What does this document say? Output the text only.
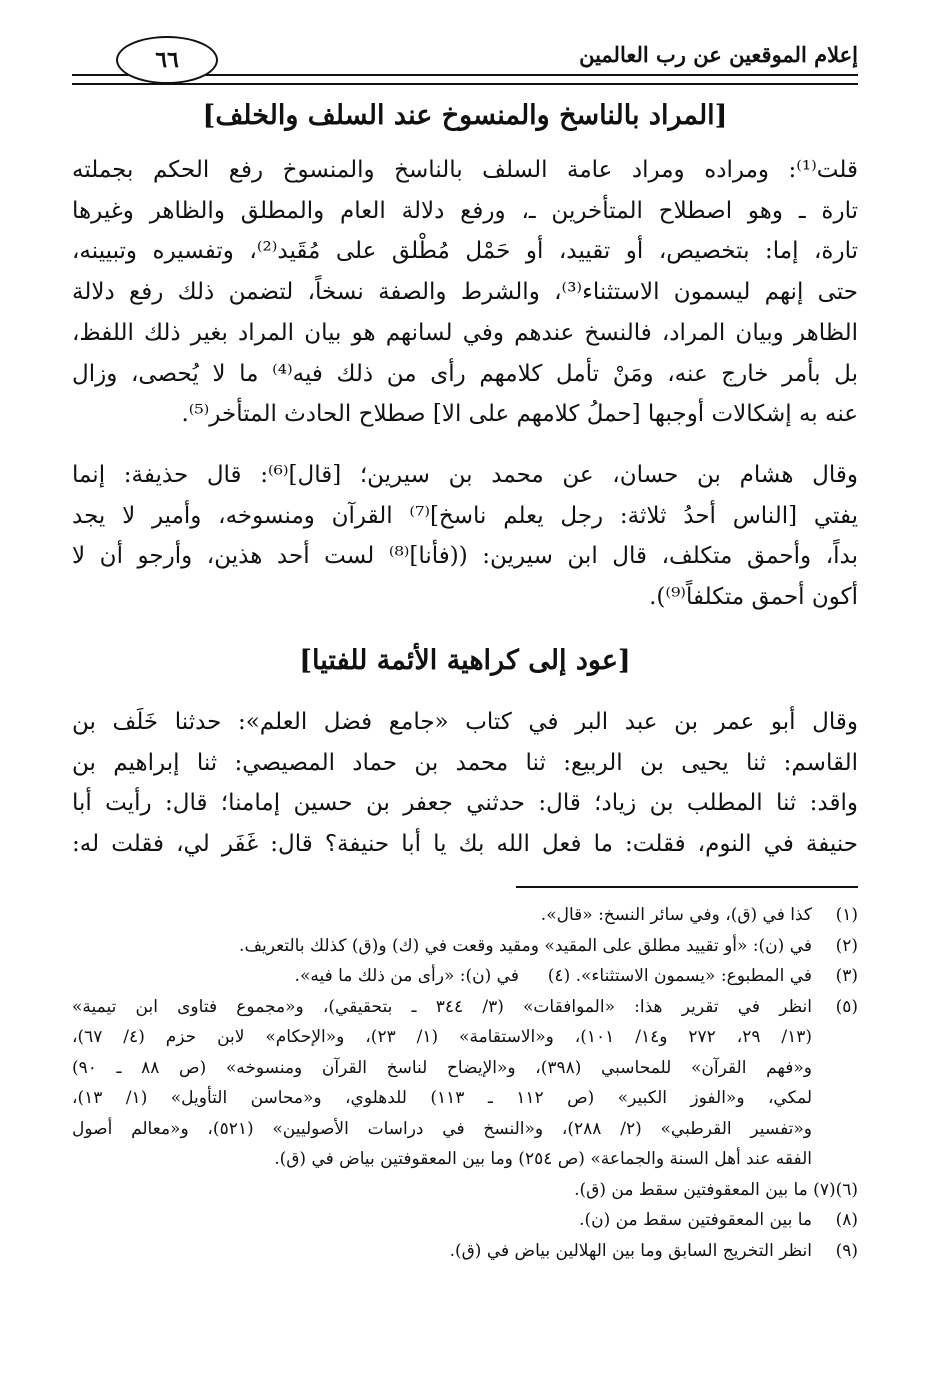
٦٦	إعلام الموقعين عن رب العالمين
[المراد بالناسخ والمنسوخ عند السلف والخلف]
قلت⁽¹⁾: ومراده ومراد عامة السلف بالناسخ والمنسوخ رفع الحكم بجملته
تارة ـ وهو اصطلاح المتأخرين ـ، ورفع دلالة العام والمطلق والظاهر وغيرها
تارة، إما: بتخصيص، أو تقييد، أو حَمْل مُطْلق على مُقَيد⁽²⁾، وتفسيره وتبيينه،
حتى إنهم ليسمون الاستثناء⁽³⁾، والشرط والصفة نسخاً، لتضمن ذلك رفع دلالة
الظاهر وبيان المراد، فالنسخ عندهم وفي لسانهم هو بيان المراد بغير ذلك اللفظ،
بل بأمر خارج عنه، ومَنْ تأمل كلامهم رأى من ذلك فيه⁽⁴⁾ ما لا يُحصى، وزال
عنه به إشكالات أوجبها [حملُ كلامهم على الا] صطلاح الحادث المتأخر⁽⁵⁾.
وقال هشام بن حسان، عن محمد بن سيرين؛ [قال]⁽⁶⁾: قال حذيفة: إنما
يفتي [الناس أحدُ ثلاثة: رجل يعلم ناسخ]⁽⁷⁾ القرآن ومنسوخه، وأمير لا يجد
بداً، وأحمق متكلف، قال ابن سيرين: ((فأنا]⁽⁸⁾ لست أحد هذين، وأرجو أن لا
أكون أحمق متكلفاً⁽⁹⁾).
[عود إلى كراهية الأئمة للفتيا]
وقال أبو عمر بن عبد البر في كتاب «جامع فضل العلم»: حدثنا خَلَف بن
القاسم: ثنا يحيى بن الربيع: ثنا محمد بن حماد المصيصي: ثنا إبراهيم بن
واقد: ثنا المطلب بن زياد؛ قال: حدثني جعفر بن حسين إمامنا؛ قال: رأيت أبا
حنيفة في النوم، فقلت: ما فعل الله بك يا أبا حنيفة؟ قال: غَفَر لي، فقلت له:
(١)
كذا في (ق)، وفي سائر النسخ: «قال».
(٢)
في (ن): «أو تقييد مطلق على المقيد» ومقيد وقعت في (ك) و(ق) كذلك بالتعريف.
(٣)
في المطبوع: «يسمون الاستثناء». (٤)  في (ن): «رأى من ذلك ما فيه».
(٥)
انظر في تقرير هذا: «الموافقات» (٣/ ٣٤٤ ـ بتحقيقي)، و«مجموع فتاوى ابن تيمية»
(١٣/ ٢٩، ٢٧٢ و١٤/ ١٠١)، و«الاستقامة» (١/ ٢٣)، و«الإحكام» لابن حزم (٤/ ٦٧)،
و«فهم القرآن» للمحاسبي (٣٩٨)، و«الإيضاح لناسخ القرآن ومنسوخه» (ص ٨٨ ـ ٩٠)
لمكي، و«الفوز الكبير» (ص ١١٢ ـ ١١٣) للدهلوي، و«محاسن التأويل» (١/ ١٣)،
و«تفسير القرطبي» (٢/ ٢٨٨)، و«النسخ في دراسات الأصوليين» (٥٢١)، و«معالم أصول
الفقه عند أهل السنة والجماعة» (ص ٢٥٤) وما بين المعقوفتين بياض في (ق).
(٦)(٧) ما بين المعقوفتين سقط من (ق).
(٨)
ما بين المعقوفتين سقط من (ن).
(٩)
انظر التخريج السابق وما بين الهلالين بياض في (ق).
